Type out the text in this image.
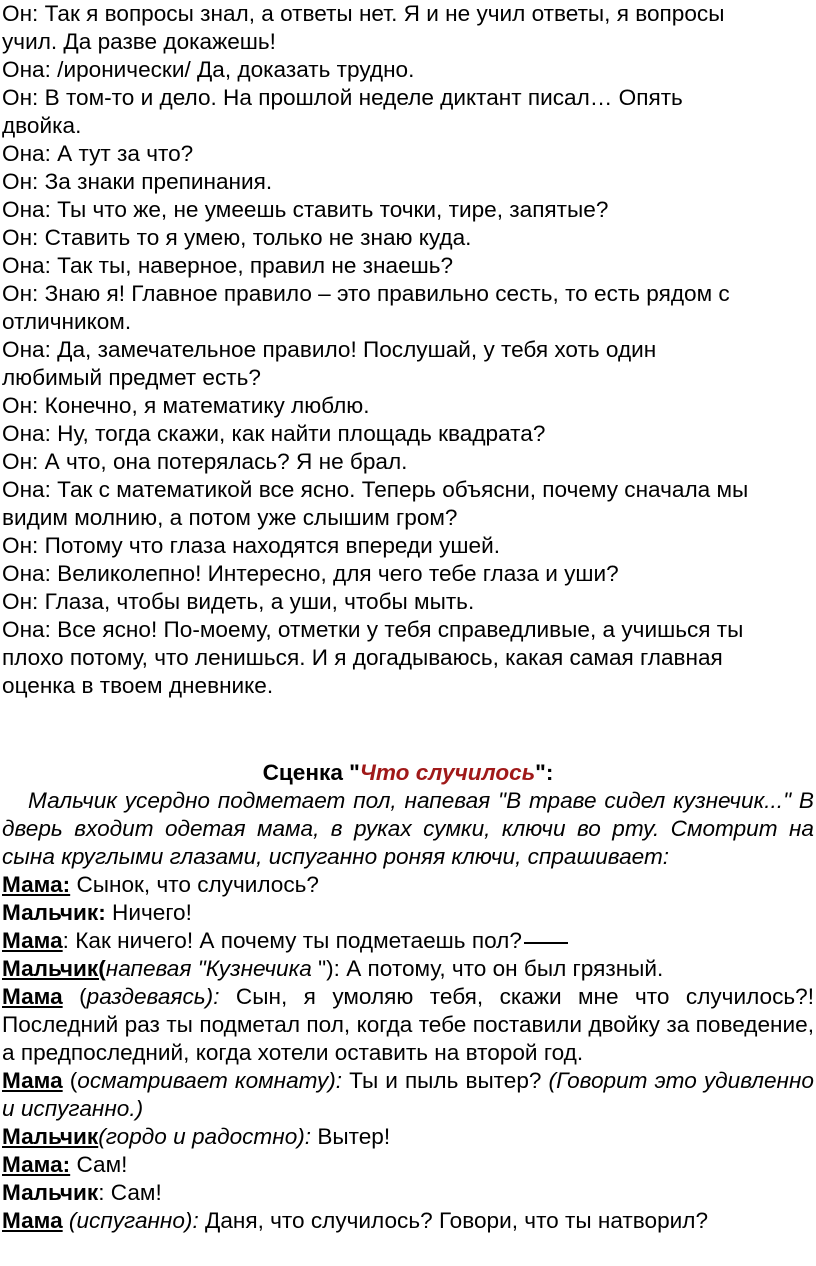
Он: Так я вопросы знал, а ответы нет. Я и не учил ответы, я вопросы

учил. Да разве докажешь!

Она: /иронически/ Да, доказать трудно.

Он: В том-то и дело. На прошлой неделе диктант писал… Опять

двойка.

Она: А тут за что?

Он: За знаки препинания.

Она: Ты что же, не умеешь ставить точки, тире, запятые?

Он: Ставить то я умею, только не знаю куда.

Она: Так ты, наверное, правил не знаешь?

Он: Знаю я! Главное правило – это правильно сесть, то есть рядом с

отличником.

Она: Да, замечательное правило! Послушай, у тебя хоть один

любимый предмет есть?

Он: Конечно, я математику люблю.

Она: Ну, тогда скажи, как найти площадь квадрата?

Он: А что, она потерялась? Я не брал.

Она: Так с математикой все ясно. Теперь объясни, почему сначала мы

видим молнию, а потом уже слышим гром?

Он: Потому что глаза находятся впереди ушей.

Она: Великолепно! Интересно, для чего тебе глаза и уши?

Он: Глаза, чтобы видеть, а уши, чтобы мыть.

Она: Все ясно! По-моему, отметки у тебя справедливые, а учишься ты

плохо потому, что ленишься. И я догадываюсь, какая самая главная

оценка в твоем дневнике.

Сценка "Что случилось":

Мальчик усердно подметает пол, напевая "В траве сидел кузнечик..." В дверь входит одетая мама, в руках сумки, ключи во рту. Смотрит на сына круглыми глазами, испуганно роняя ключи, спрашивает:

Мама: Сынок, что случилось?

Мальчик: Ничего!

Мама: Как ничего! А почему ты подметаешь пол?

Мальчик(напевая "Кузнечика "): А потому, что он был грязный.

Мама (раздеваясь): Сын, я умоляю тебя, скажи мне что случилось?! Последний раз ты подметал пол, когда тебе поставили двойку за поведение, а предпоследний, когда хотели оставить на второй год.

Мама (осматривает комнату): Ты и пыль вытер? (Говорит это удивленно и испуганно.)

Мальчик(гордо и радостно): Вытер!

Мама: Сам!

Мальчик: Сам!

Мама (испуганно): Даня, что случилось? Говори, что ты натворил?
